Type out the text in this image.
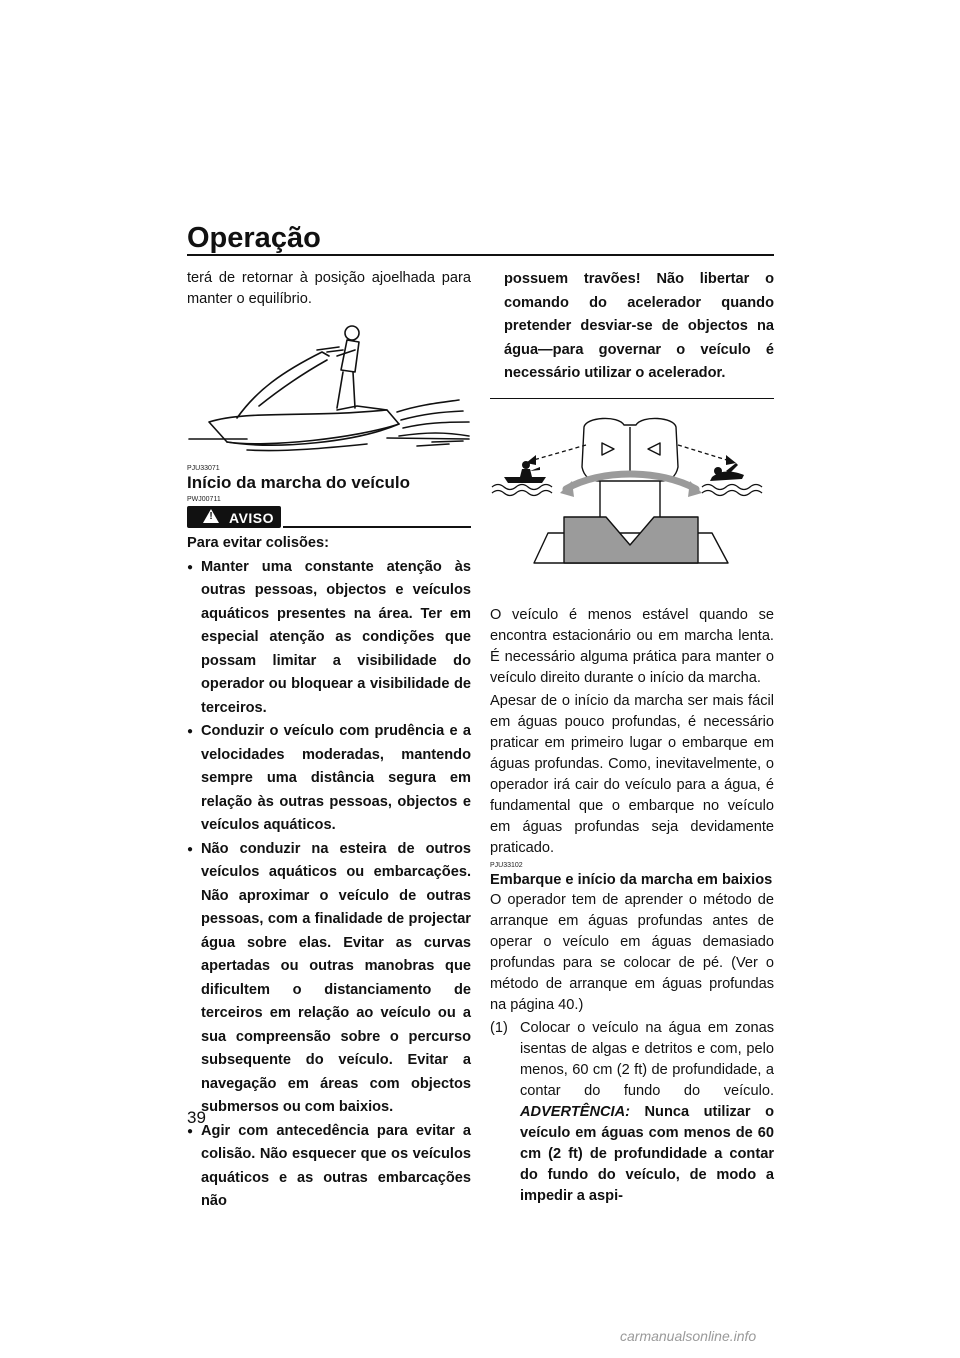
Operação

terá de retornar à posição ajoelhada para manter o equilíbrio.

PJU33071
Início da marcha do veículo
PWJ00711
! AVISO

Para evitar colisões:

● Manter uma constante atenção às outras pessoas, objectos e veículos aquáticos presentes na área. Ter em especial atenção as condições que possam limitar a visibilidade do operador ou bloquear a visibilidade de terceiros.
● Conduzir o veículo com prudência e a velocidades moderadas, mantendo sempre uma distância segura em relação às outras pessoas, objectos e veículos aquáticos.
● Não conduzir na esteira de outros veículos aquáticos ou embarcações. Não aproximar o veículo de outras pessoas, com a finalidade de projectar água sobre elas. Evitar as curvas apertadas ou outras manobras que dificultem o distanciamento de terceiros em relação ao veículo ou a sua compreensão sobre o percurso subsequente do veículo. Evitar a navegação em áreas com objectos submersos ou com baixios.
● Agir com antecedência para evitar a colisão. Não esquecer que os veículos aquáticos e as outras embarcações não

possuem travões! Não libertar o comando do acelerador quando pretender desviar-se de objectos na água—para governar o veículo é necessário utilizar o acelerador.

O veículo é menos estável quando se encontra estacionário ou em marcha lenta. É necessário alguma prática para manter o veículo direito durante o início da marcha.

Apesar de o início da marcha ser mais fácil em águas pouco profundas, é necessário praticar em primeiro lugar o embarque em águas profundas. Como, inevitavelmente, o operador irá cair do veículo para a água, é fundamental que o embarque no veículo em águas profundas seja devidamente praticado.

PJU33102
Embarque e início da marcha em baixios

O operador tem de aprender o método de arranque em águas profundas antes de operar o veículo em águas demasiado profundas para se colocar de pé. (Ver o método de arranque em águas profundas na página 40.)

(1) Colocar o veículo na água em zonas isentas de algas e detritos e com, pelo menos, 60 cm (2 ft) de profundidade, a contar do fundo do veículo. ADVERTÊNCIA: Nunca utilizar o veículo em águas com menos de 60 cm (2 ft) de profundidade a contar do fundo do veículo, de modo a impedir a aspi-
39
carmanualsonline.info
